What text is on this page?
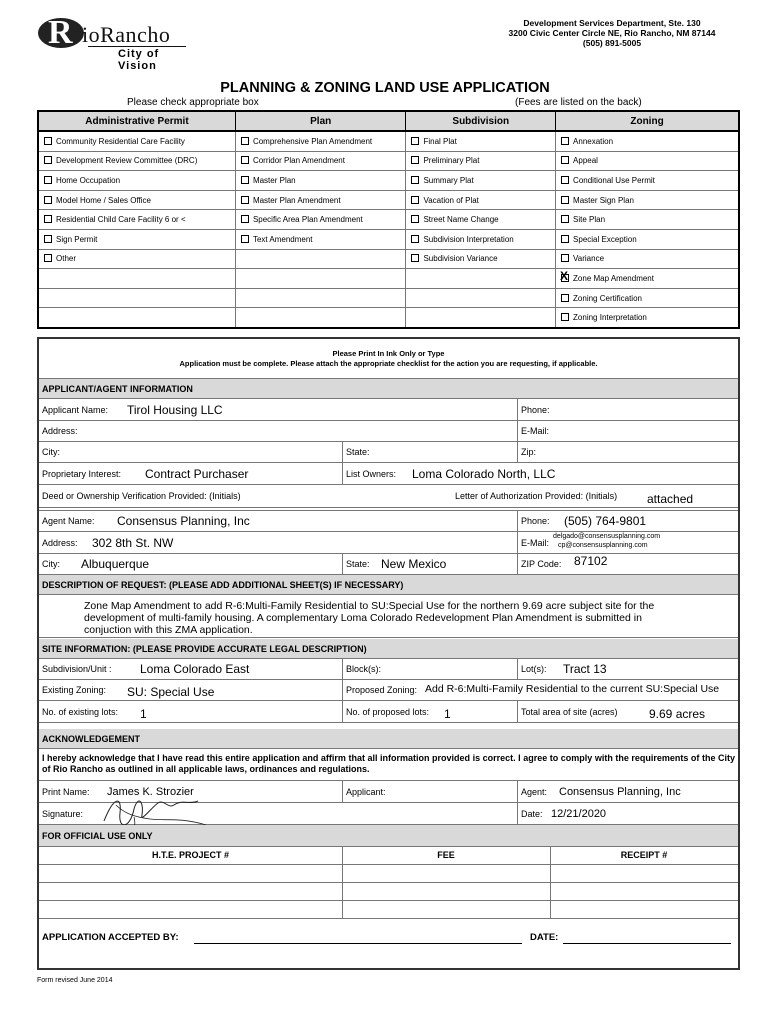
R ioRancho
City of Vision
Development Services Department, Ste. 130
3200 Civic Center Circle NE, Rio Rancho, NM 87144
(505) 891-5005
PLANNING & ZONING LAND USE APPLICATION
Please check appropriate box	(Fees are listed on the back)
Administrative Permit	Plan	Subdivision	Zoning
Community Residential Care Facility	Comprehensive Plan Amendment	Final Plat	Annexation
Development Review Committee (DRC)	Corridor Plan Amendment	Preliminary Plat	Appeal
Home Occupation	Master Plan	Summary Plat	Conditional Use Permit
Model Home / Sales Office	Master Plan Amendment	Vacation of Plat	Master Sign Plan
Residential Child Care Facility 6 or <	Specific Area Plan Amendment	Street Name Change	Site Plan
Sign Permit	Text Amendment	Subdivision Interpretation	Special Exception
Other		Subdivision Variance	Variance

			X Zone Map Amendment
			Zoning Certification
			Zoning Interpretation
Please Print In Ink Only or Type
Application must be complete. Please attach the appropriate checklist for the action you are requesting, if applicable.
APPLICANT/AGENT INFORMATION
Applicant Name: Tirol Housing LLC	Phone:
Address:	E-Mail:
City:	State:	Zip:
Proprietary Interest: Contract Purchaser	List Owners: Loma Colorado North, LLC
Deed or Ownership Verification Provided: (Initials)	Letter of Authorization Provided: (Initials) attached
Agent Name: Consensus Planning, Inc	Phone: (505) 764-9801
Address: 302 8th St. NW	E-Mail:
delgado@consensusplanning.com
cp@consensusplanning.com
City: Albuquerque	State: New Mexico	ZIP Code: 87102
DESCRIPTION OF REQUEST: (PLEASE ADD ADDITIONAL SHEET(S) IF NECESSARY)
Zone Map Amendment to add R-6:Multi-Family Residential to SU:Special Use for the northern 9.69 acre subject site for the
development of multi-family housing. A complementary Loma Colorado Redevelopment Plan Amendment is submitted in
conjuction with this ZMA application.
SITE INFORMATION: (PLEASE PROVIDE ACCURATE LEGAL DESCRIPTION)
Subdivision/Unit : Loma Colorado East	Block(s):	Lot(s): Tract 13
Existing Zoning: SU: Special Use	Proposed Zoning: Add R-6:Multi-Family Residential to the current SU:Special Use
No. of existing lots: 1	No. of proposed lots: 1	Total area of site (acres)	9.69 acres
ACKNOWLEDGEMENT
I hereby acknowledge that I have read this entire application and affirm that all information provided is correct. I agree to comply with the requirements of the City of Rio Rancho as outlined in all applicable laws, ordinances and regulations.
Print Name: James K. Strozier	Applicant:	Agent: Consensus Planning, Inc
Signature:	Date: 12/21/2020
FOR OFFICIAL USE ONLY
H.T.E. PROJECT #	FEE	RECEIPT #
APPLICATION ACCEPTED BY:	DATE:
Form revised June 2014
